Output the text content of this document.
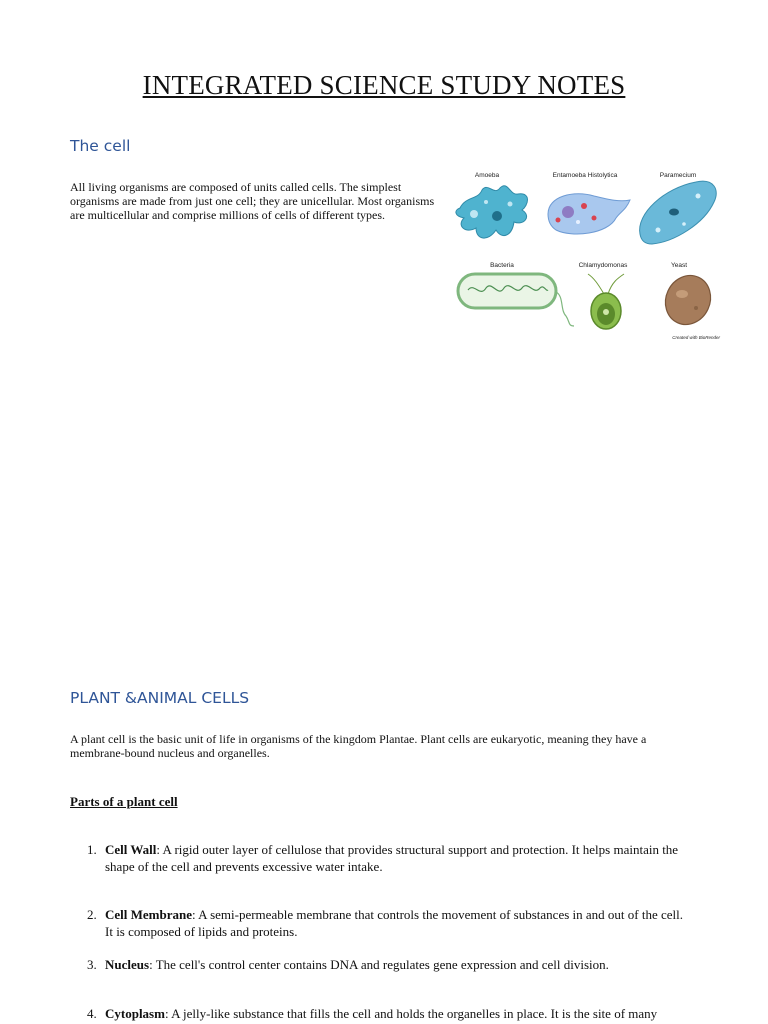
INTEGRATED SCIENCE STUDY NOTES
The cell

All living organisms are composed of units called cells. The simplest organisms are made from just one cell; they are unicellular. Most organisms are multicellular and comprise millions of cells of different types.

Amoeba	Entamoeba Histolytica	Paramecium
Bacteria	Chlamydomonas	Yeast
Created with BioRender
PLANT &ANIMAL CELLS

A plant cell is the basic unit of life in organisms of the kingdom Plantae. Plant cells are eukaryotic, meaning they have a membrane-bound nucleus and organelles.

Parts of a plant cell
1. Cell Wall: A rigid outer layer of cellulose that provides structural support and protection. It helps maintain the shape of the cell and prevents excessive water intake.
2. Cell Membrane: A semi-permeable membrane that controls the movement of substances in and out of the cell. It is composed of lipids and proteins.
3. Nucleus: The cell's control center contains DNA and regulates gene expression and cell division.
4. Cytoplasm: A jelly-like substance that fills the cell and holds the organelles in place. It is the site of many
